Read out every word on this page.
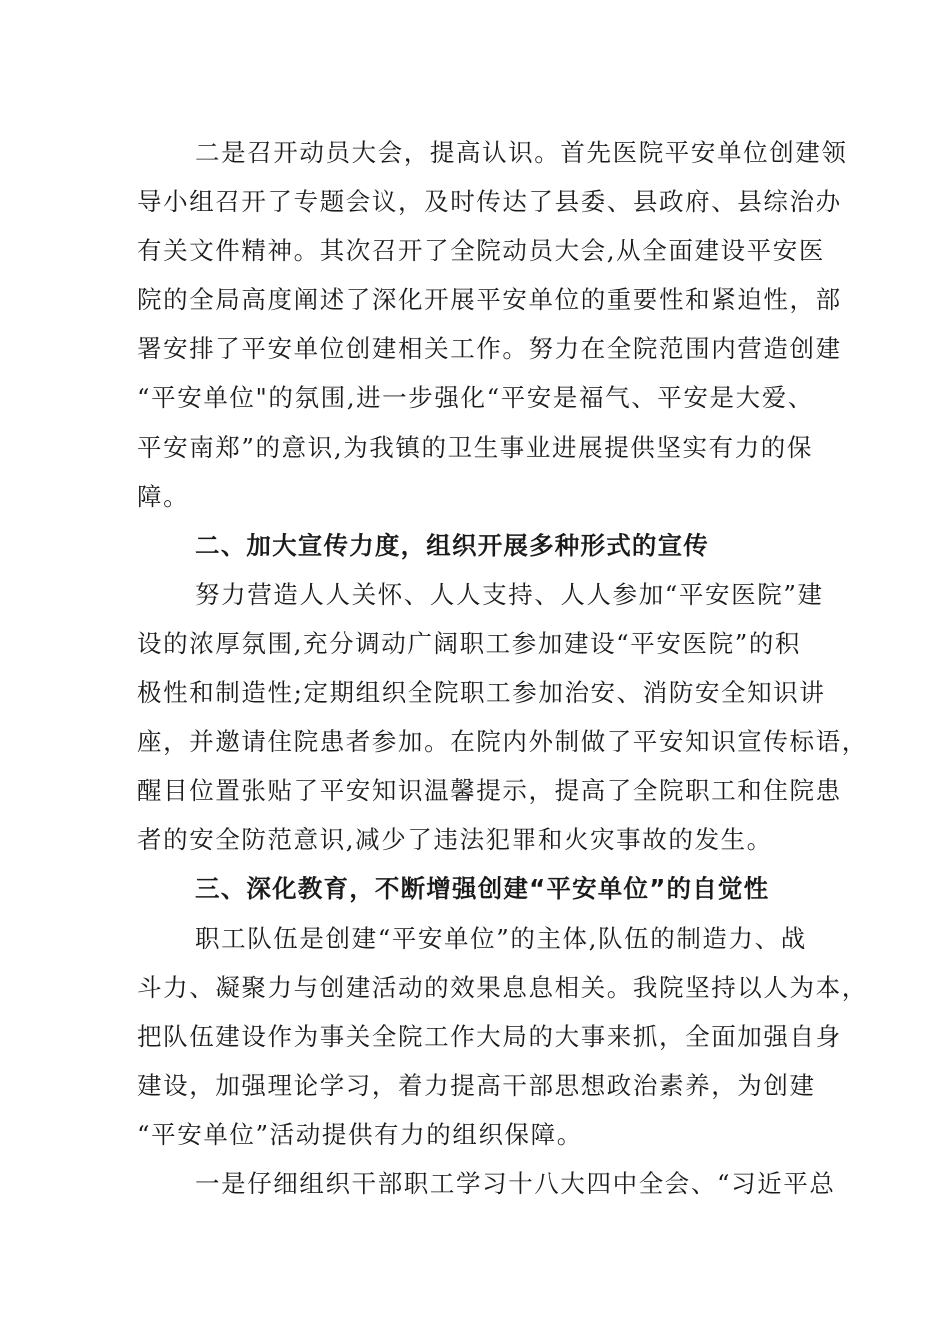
二是召开动员大会，提高认识。首先医院平安单位创建领
导小组召开了专题会议，及时传达了县委、县政府、县综治办
有关文件精神。其次召开了全院动员大会,从全面建设平安医
院的全局高度阐述了深化开展平安单位的重要性和紧迫性，部
署安排了平安单位创建相关工作。努力在全院范围内营造创建
“平安单位"的氛围,进一步强化“平安是福气、平安是大爱、
平安南郑”的意识,为我镇的卫生事业进展提供坚实有力的保
障。
二、加大宣传力度，组织开展多种形式的宣传
努力营造人人关怀、人人支持、人人参加“平安医院”建
设的浓厚氛围,充分调动广阔职工参加建设“平安医院”的积
极性和制造性;定期组织全院职工参加治安、消防安全知识讲
座，并邀请住院患者参加。在院内外制做了平安知识宣传标语，
醒目位置张贴了平安知识温馨提示，提高了全院职工和住院患
者的安全防范意识,减少了违法犯罪和火灾事故的发生。
三、深化教育，不断增强创建“平安单位”的自觉性
职工队伍是创建“平安单位”的主体,队伍的制造力、战
斗力、凝聚力与创建活动的效果息息相关。我院坚持以人为本，
把队伍建设作为事关全院工作大局的大事来抓，全面加强自身
建设，加强理论学习，着力提高干部思想政治素养，为创建
“平安单位”活动提供有力的组织保障。
一是仔细组织干部职工学习十八大四中全会、“习近平总
